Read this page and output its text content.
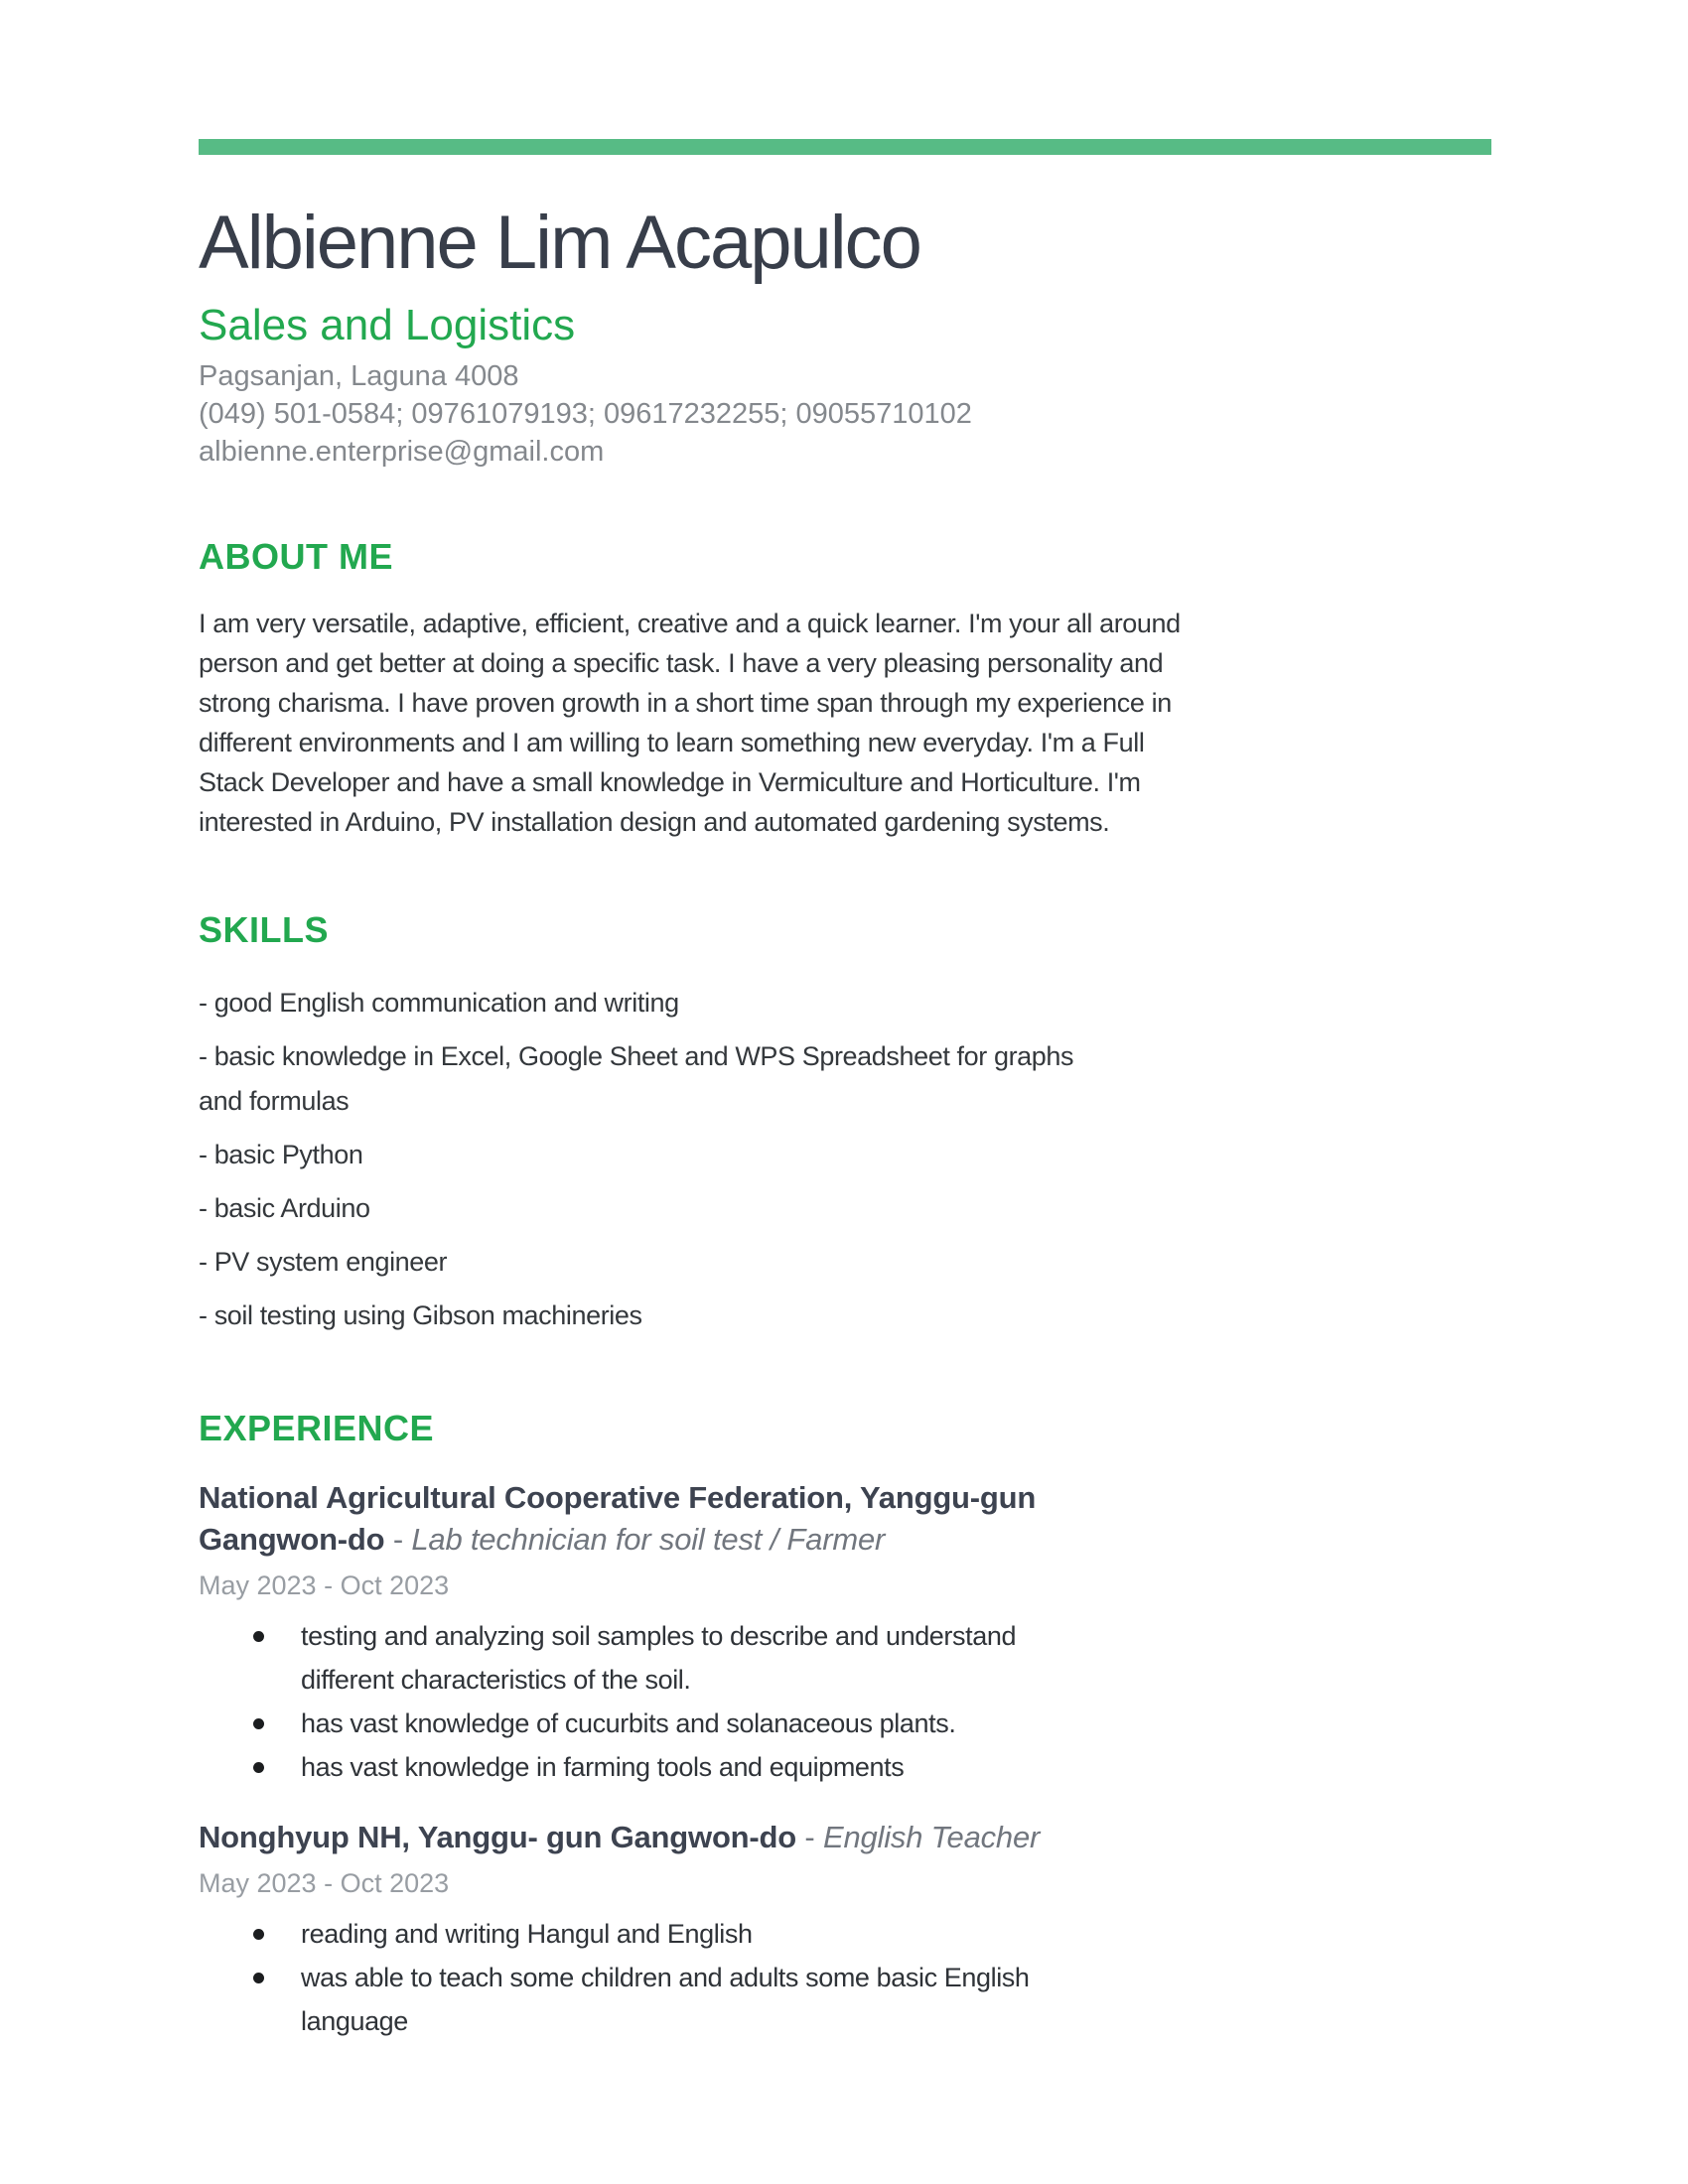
Albienne Lim Acapulco
Sales and Logistics
Pagsanjan, Laguna 4008
(049) 501-0584; 09761079193; 09617232255; 09055710102
albienne.enterprise@gmail.com
ABOUT ME
I am very versatile, adaptive, efficient, creative and a quick learner. I'm your all around
person and get better at doing a specific task. I have a very pleasing personality and
strong charisma. I have proven growth in a short time span through my experience in
different environments and I am willing to learn something new everyday. I'm a Full
Stack Developer and have a small knowledge in Vermiculture and Horticulture. I'm
interested in Arduino, PV installation design and automated gardening systems.
SKILLS
- good English communication and writing
- basic knowledge in Excel, Google Sheet and WPS Spreadsheet for graphs
and formulas
- basic Python
- basic Arduino
- PV system engineer
- soil testing using Gibson machineries
EXPERIENCE
National Agricultural Cooperative Federation, Yanggu-gun
Gangwon-do - Lab technician for soil test / Farmer
May 2023 - Oct 2023
testing and analyzing soil samples to describe and understand
different characteristics of the soil.
has vast knowledge of cucurbits and solanaceous plants.
has vast knowledge in farming tools and equipments
Nonghyup NH, Yanggu- gun Gangwon-do - English Teacher
May 2023 - Oct 2023
reading and writing Hangul and English
was able to teach some children and adults some basic English
language
